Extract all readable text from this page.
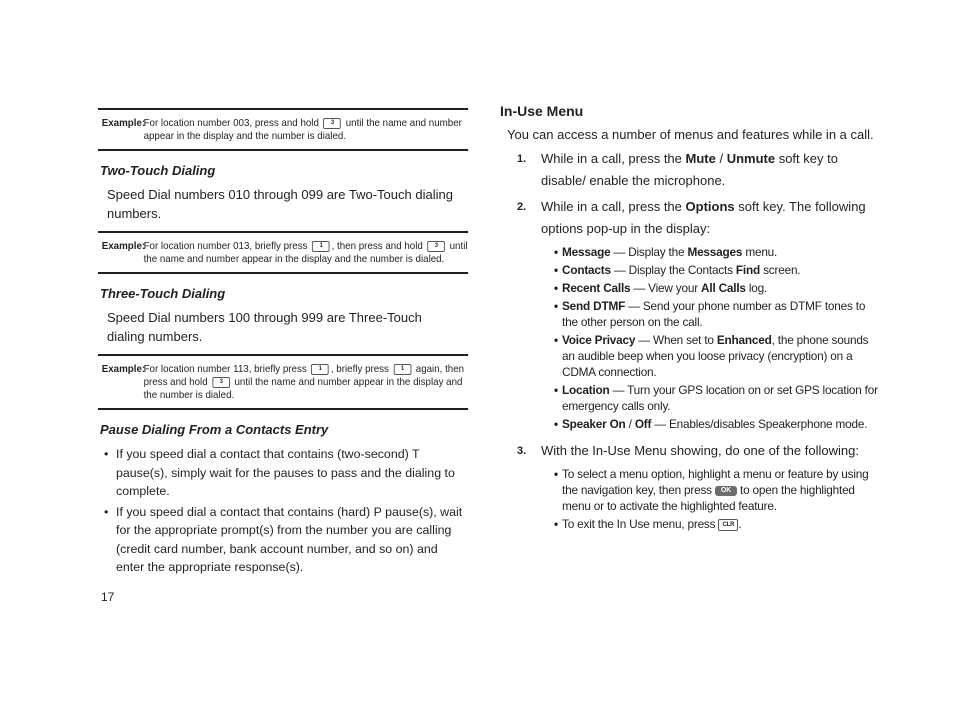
Example:
For location number 003, press and hold 3 until the name and number appear in the display and the number is dialed.
Two-Touch Dialing
Speed Dial numbers 010 through 099 are Two-Touch dialing numbers.
Example:
For location number 013, briefly press 1 , then press and hold 3 until the name and number appear in the display and the number is dialed.
Three-Touch Dialing
Speed Dial numbers 100 through 999 are Three-Touch dialing numbers.
Example:
For location number 113, briefly press 1 , briefly press 1 again, then press and hold 3 until the name and number appear in the display and the number is dialed.
Pause Dialing From a Contacts Entry
• If you speed dial a contact that contains (two-second) T pause(s), simply wait for the pauses to pass and the dialing to complete.
• If you speed dial a contact that contains (hard) P pause(s), wait for the appropriate prompt(s) from the number you are calling (credit card number, bank account number, and so on) and enter the appropriate response(s).
17
In-Use Menu
You can access a number of menus and features while in a call.
1.	While in a call, press the Mute / Unmute soft key to disable/ enable the microphone.
2.	While in a call, press the Options soft key. The following options pop-up in the display:
• Message — Display the Messages menu.
• Contacts — Display the Contacts Find screen.
• Recent Calls — View your All Calls log.
• Send DTMF — Send your phone number as DTMF tones to the other person on the call.
• Voice Privacy — When set to Enhanced, the phone sounds an audible beep when you loose privacy (encryption) on a CDMA connection.
• Location — Turn your GPS location on or set GPS location for emergency calls only.
• Speaker On / Off — Enables/disables Speakerphone mode.
3.	With the In-Use Menu showing, do one of the following:
• To select a menu option, highlight a menu or feature by using the navigation key, then press OK to open the highlighted menu or to activate the highlighted feature.
• To exit the In Use menu, press CLR .
